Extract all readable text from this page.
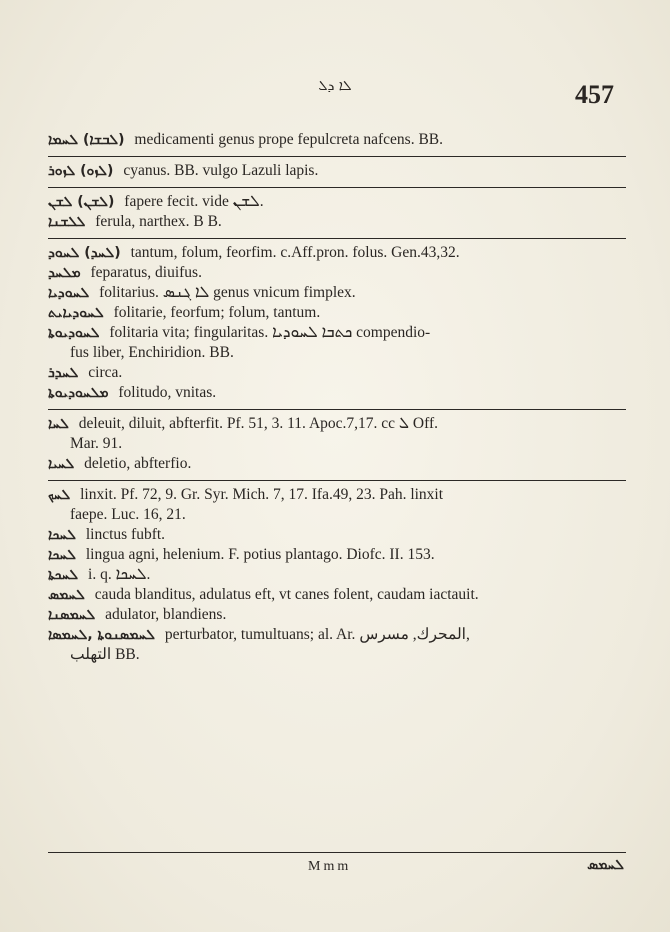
ܠܐ ܕܠ	457
(ܠܒܫܐ) ܠܚܡܐ medicamenti genus prope fepulcreta nafcens. BB.
(ܠܙܘ) ܠܙܘܪ cyanus. BB. vulgo Lazuli lapis.
(ܠܫܢ) ܠܫܢ fapere fecit. vide ܠܫܢ.
ܠܠܫܢܐ ferula, narthex. B B.
(ܠܚܕ) ܠܚܘܕ tantum, folum, feorfim. c.Aff.pron. folus. Gen.43,32.
ܡܠܚܕ feparatus, diuifus.
ܠܚܘܕܝܐ folitarius. ܠܐ ܓܢܣ genus vnicum fimplex.
ܠܚܘܕܝܐܝܬ folitarie, feorfum; folum, tantum.
ܠܚܘܕܝܘܬܐ folitaria vita; fingularitas. ܟܬܒܐ ܠܚܘܕܝܐ compendio-
fus liber, Enchiridion. BB.
ܠܚܕܪ circa.
ܡܠܚܘܕܝܘܬܐ folitudo, vnitas.
ܠܚܐ deleuit, diluit, abfterfit. Pf. 51, 3. 11. Apoc.7,17. cc ܠ Off.
Mar. 91.
ܠܚܝܐ deletio, abfterfio.
ܠܚܟ linxit. Pf. 72, 9. Gr. Syr. Mich. 7, 17. Ifa.49, 23. Pah. linxit
faepe. Luc. 16, 21.
ܠܚܟܐ linctus fubft.
ܠܚܟܐ lingua agni, helenium. F. potius plantago. Diofc. II. 153.
ܠܚܟܬܐ i. q. ܠܚܟܐ.
ܠܚܡܣ cauda blanditus, adulatus eft, vt canes folent, caudam iactauit.
ܠܚܡܣܢܐ adulator, blandiens.
ܠܚܡܣܢܘܬܐ ,ܠܚܡܣܐ perturbator, tumultuans; al. Ar. المحرك, مسرس,
التهلب BB.
Mmm	ܠܚܡܣ
